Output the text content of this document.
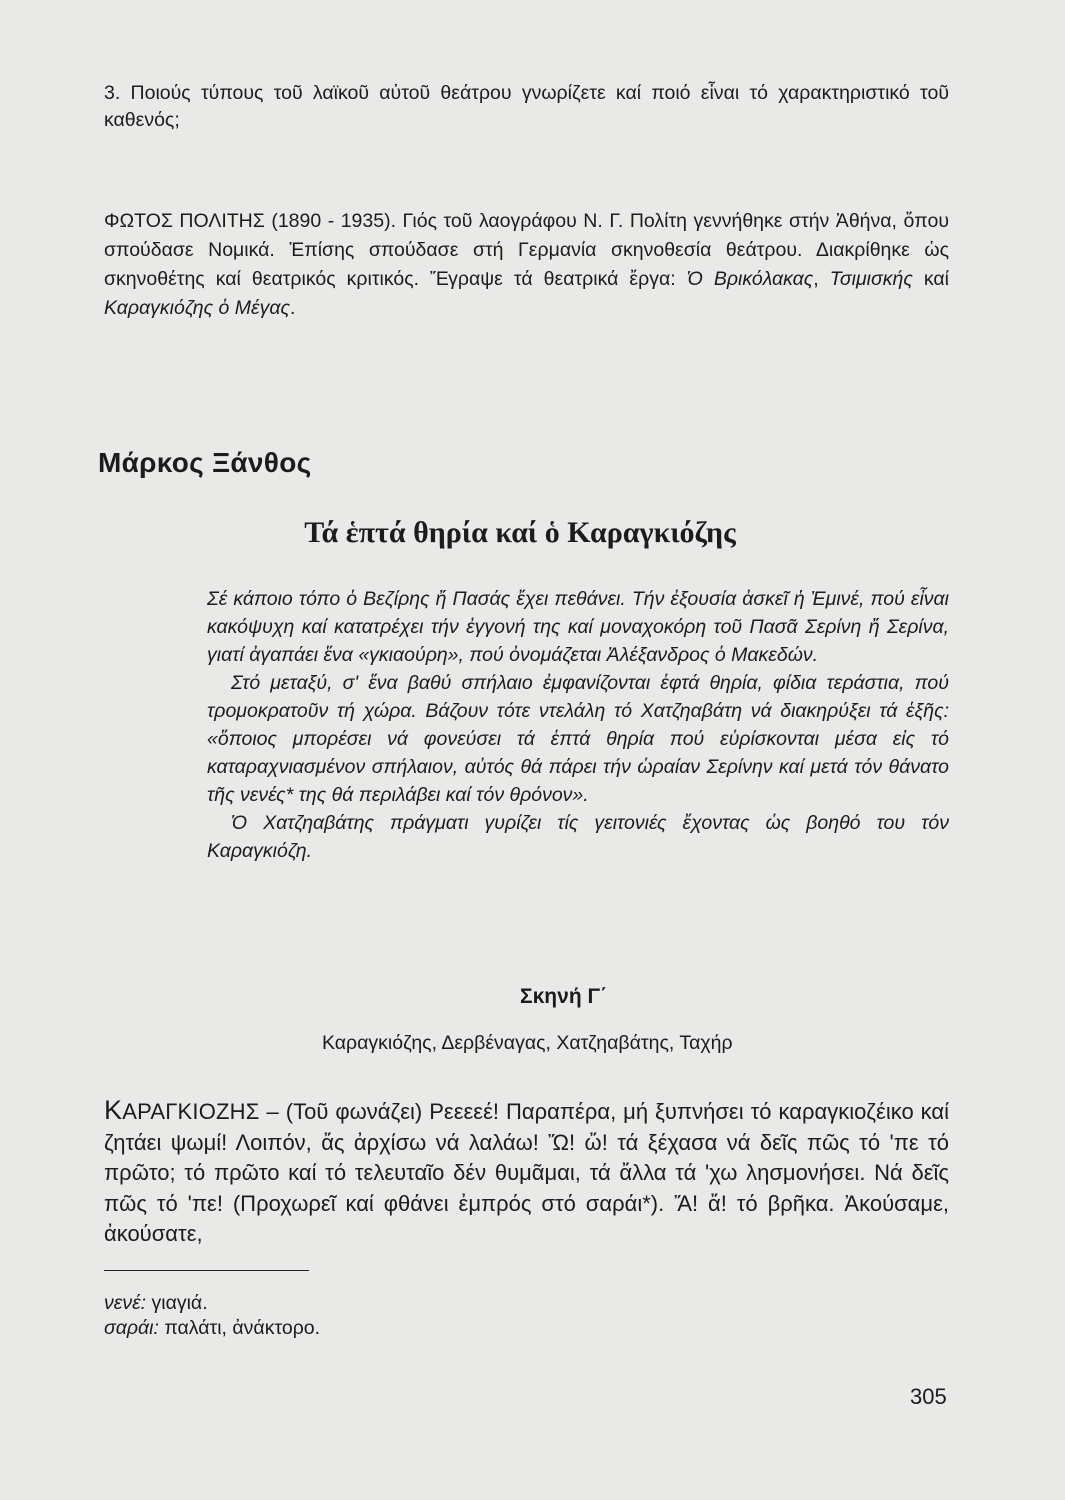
3. Ποιούς τύπους τοῦ λαϊκοῦ αὐτοῦ θεάτρου γνωρίζετε καί ποιό εἶναι τό χαρακτηριστικό τοῦ καθενός;
ΦΩΤΟΣ ΠΟΛΙΤΗΣ (1890 - 1935). Γιός τοῦ λαογράφου Ν. Γ. Πολίτη γεννήθηκε στήν Ἀθήνα, ὅπου σπούδασε Νομικά. Ἐπίσης σπούδασε στή Γερμανία σκηνοθεσία θεάτρου. Διακρίθηκε ὡς σκηνοθέτης καί θεατρικός κριτικός. Ἔγραψε τά θεατρικά ἔργα: Ὁ Βρικόλακας, Τσιμισκής καί Καραγκιόζης ὁ Μέγας.
Μάρκος Ξάνθος
Τά ἑπτά θηρία καί ὁ Καραγκιόζης

Σέ κάποιο τόπο ὁ Βεζίρης ἤ Πασάς ἔχει πεθάνει. Τήν ἐξουσία ἀσκεῖ ἡ Ἐμινέ, πού εἶναι κακόψυχη καί κατατρέχει τήν ἐγγονή της καί μοναχοκόρη τοῦ Πασᾶ Σερίνη ἤ Σερίνα, γιατί ἀγαπάει ἕνα «γκιαούρη», πού ὀνομάζεται Ἀλέξανδρος ὁ Μακεδών.

Στό μεταξύ, σ' ἕνα βαθύ σπήλαιο ἐμφανίζονται ἑφτά θηρία, φίδια τεράστια, πού τρομοκρατοῦν τή χώρα. Βάζουν τότε ντελάλη τό Χατζηαβάτη νά διακηρύξει τά ἑξῆς: «ὅποιος μπορέσει νά φονεύσει τά ἑπτά θηρία πού εὑρίσκονται μέσα εἰς τό καταραχνιασμένον σπήλαιον, αὐτός θά πάρει τήν ὡραίαν Σερίνην καί μετά τόν θάνατο τῆς νενές* της θά περιλάβει καί τόν θρόνον».

Ὁ Χατζηαβάτης πράγματι γυρίζει τίς γειτονιές ἔχοντας ὡς βοηθό του τόν Καραγκιόζη.

Σκηνή Γ΄
Καραγκιόζης, Δερβέναγας, Χατζηαβάτης, Ταχήρ
ΚΑΡΑΓΚΙΟΖΗΣ – (Τοῦ φωνάζει) Ρεεεεέ! Παραπέρα, μή ξυπνήσει τό καραγκιοζέικο καί ζητάει ψωμί! Λοιπόν, ἄς ἀρχίσω νά λαλάω! Ὤ! ὤ! τά ξέχασα νά δεῖς πῶς τό 'πε τό πρῶτο; τό πρῶτο καί τό τελευταῖο δέν θυμᾶμαι, τά ἄλλα τά 'χω λησμονήσει. Νά δεῖς πῶς τό 'πε! (Προχωρεῖ καί φθάνει ἐμπρός στό σαράι*). Ἄ! ἄ! τό βρῆκα. Ἀκούσαμε, ἀκούσατε,
νενέ: γιαγιά.
σαράι: παλάτι, ἀνάκτορο.
305
